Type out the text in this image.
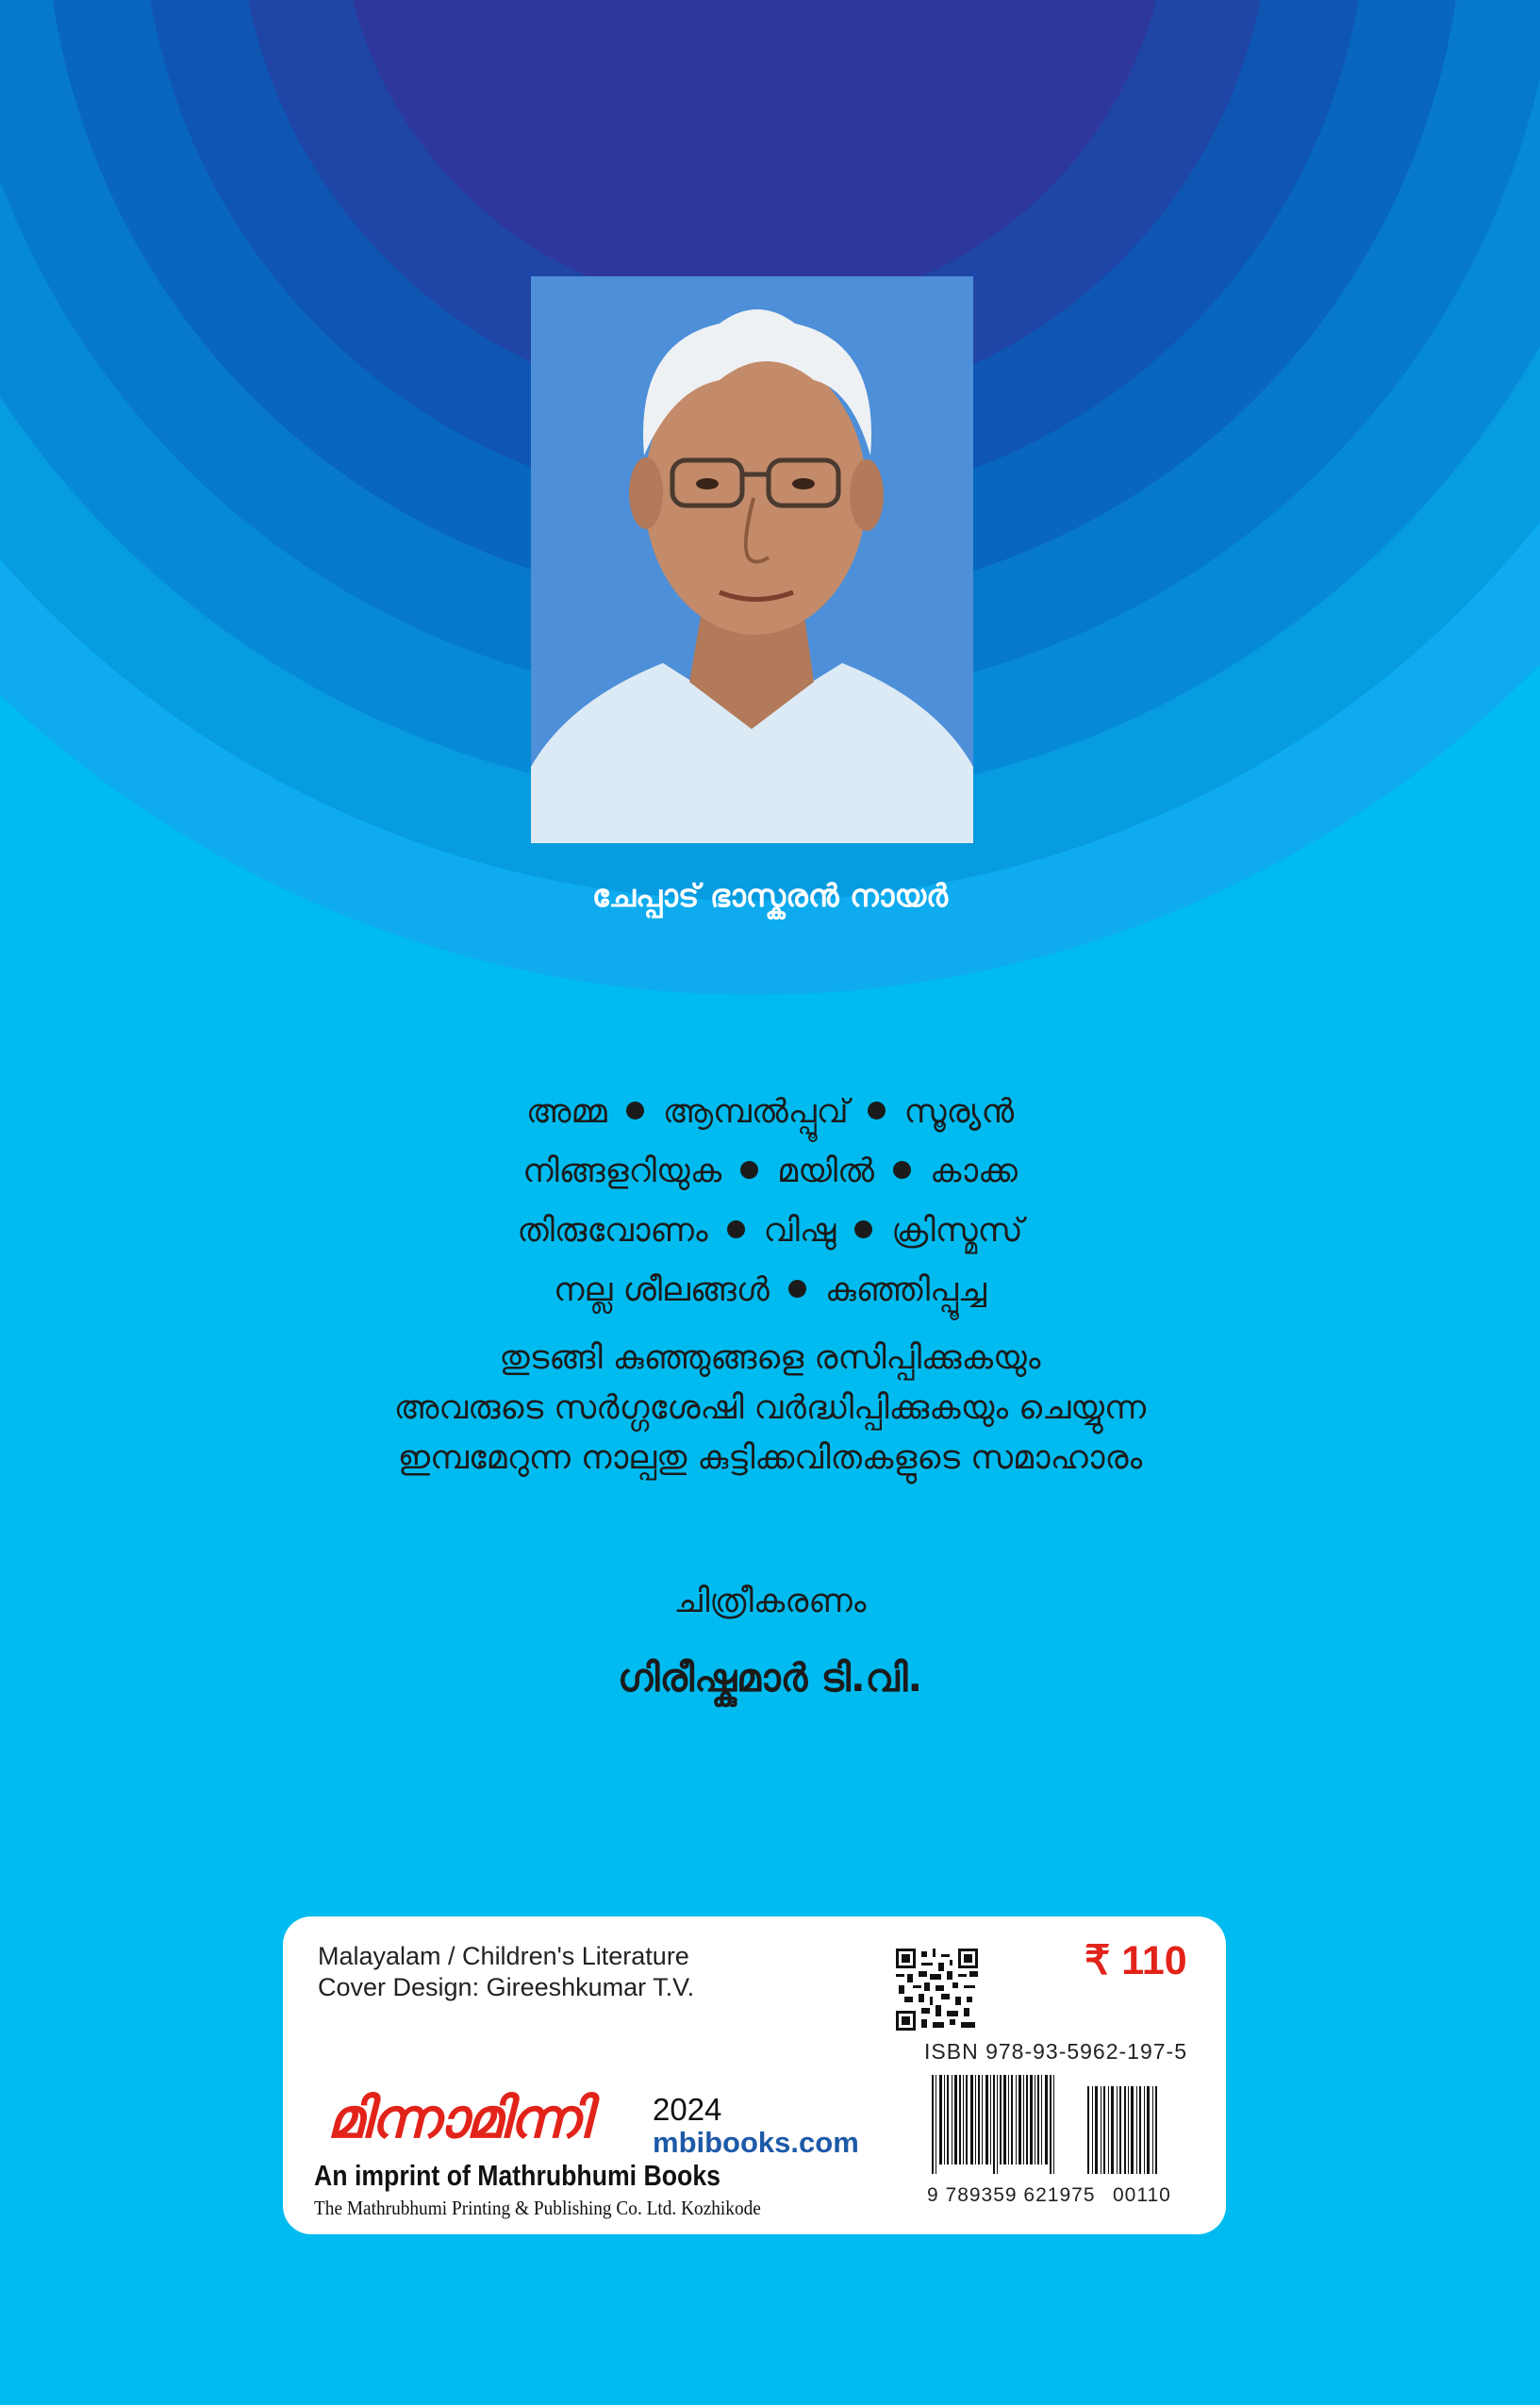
ചേപ്പാട് ഭാസ്കരൻ നായർ
അമ്മ ആമ്പൽപ്പൂവ് സൂര്യൻ
നിങ്ങളറിയുക മയിൽ കാക്ക
തിരുവോണം വിഷു ക്രിസ്മസ്
നല്ല ശീലങ്ങൾ കുഞ്ഞിപ്പൂച്ച
തുടങ്ങി കുഞ്ഞുങ്ങളെ രസിപ്പിക്കുകയും
അവരുടെ സർഗ്ഗശേഷി വർദ്ധിപ്പിക്കുകയും ചെയ്യുന്ന
ഇമ്പമേറുന്ന നാല്പതു കുട്ടിക്കവിതകളുടെ സമാഹാരം
ചിത്രീകരണം
ഗിരീഷ്കുമാർ ടി.വി.
Malayalam / Children's Literature
Cover Design: Gireeshkumar T.V.
₹ 110
ISBN 978-93-5962-197-5
9 789359 621975 00110
മിന്നാമിന്നി 2024
mbibooks.com
An imprint of Mathrubhumi Books
The Mathrubhumi Printing & Publishing Co. Ltd. Kozhikode
